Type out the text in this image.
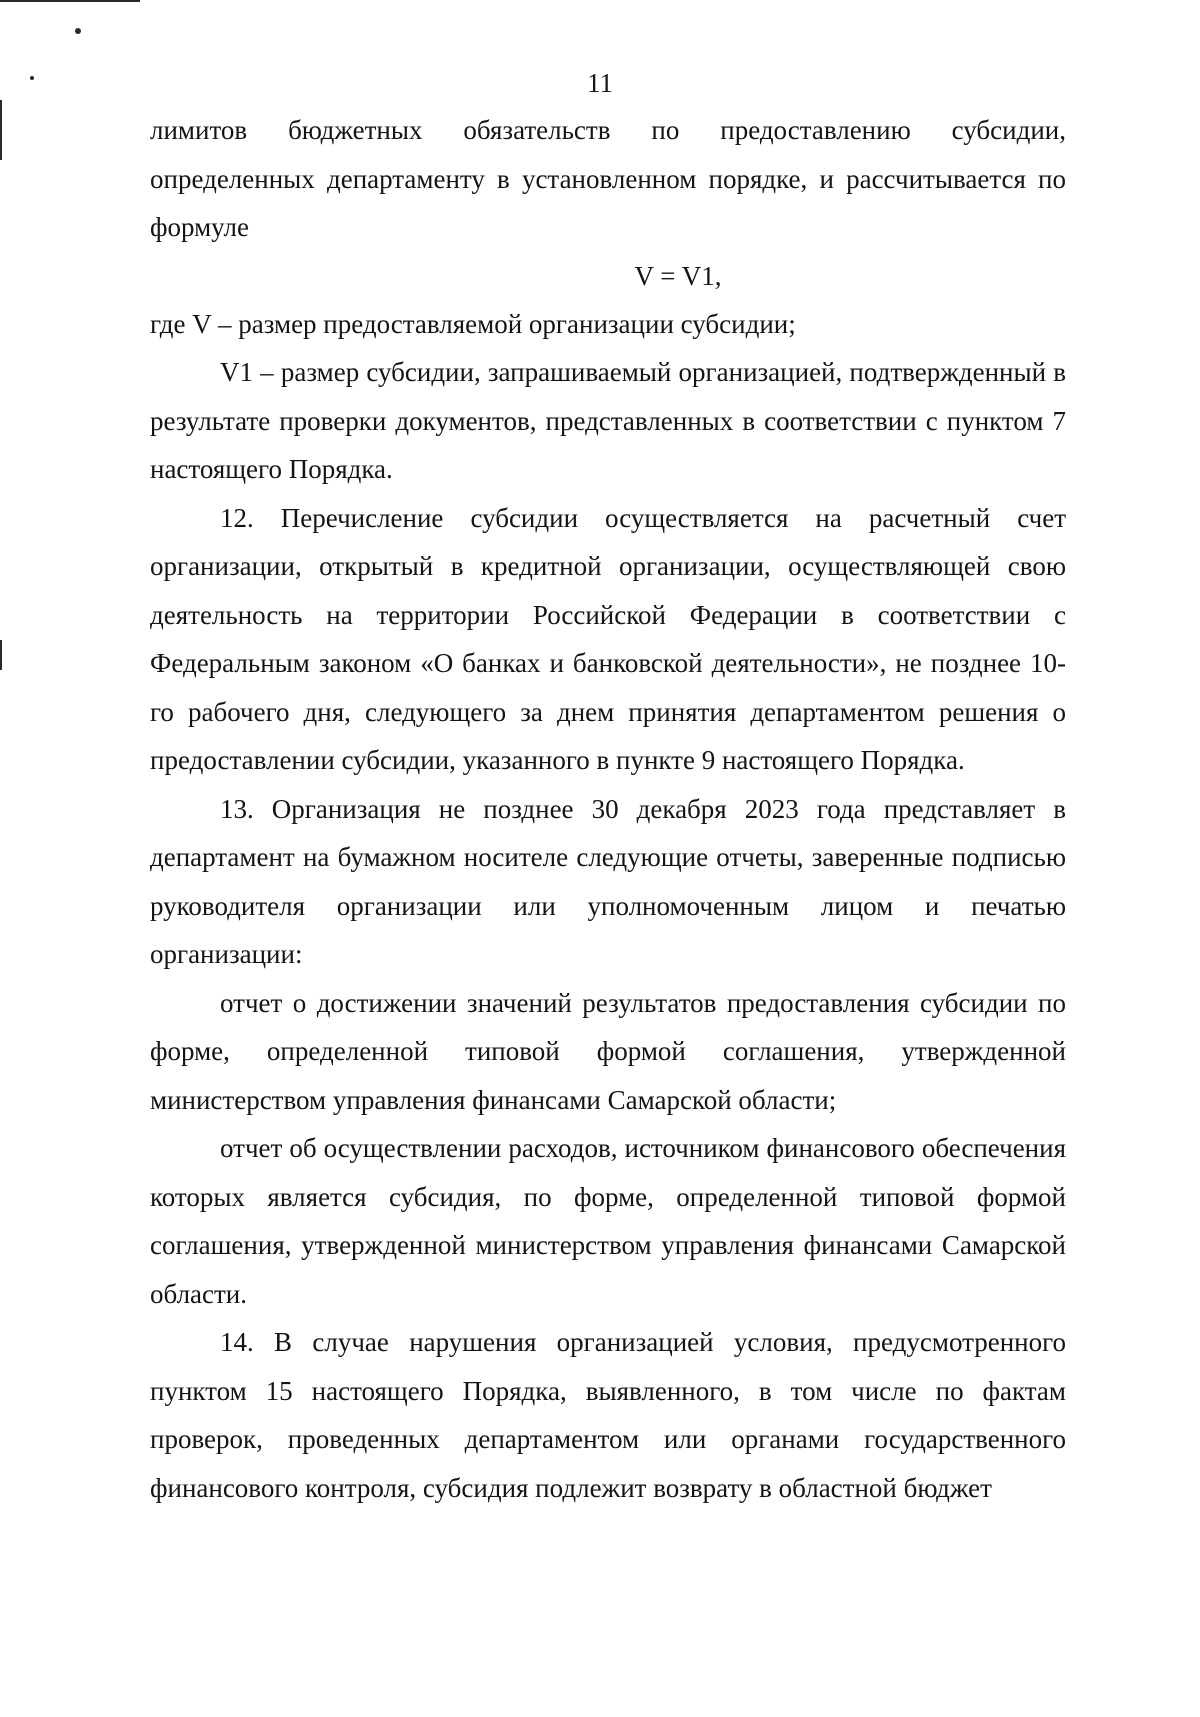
11

лимитов бюджетных обязательств по предоставлению субсидии, определенных департаменту в установленном порядке, и рассчитывается по формуле

V = V1,

где V – размер предоставляемой организации субсидии;

V1 – размер субсидии, запрашиваемый организацией, подтвержденный в результате проверки документов, представленных в соответствии с пунктом 7 настоящего Порядка.

12. Перечисление субсидии осуществляется на расчетный счет организации, открытый в кредитной организации, осуществляющей свою деятельность на территории Российской Федерации в соответствии с Федеральным законом «О банках и банковской деятельности», не позднее 10-го рабочего дня, следующего за днем принятия департаментом решения о предоставлении субсидии, указанного в пункте 9 настоящего Порядка.

13. Организация не позднее 30 декабря 2023 года представляет в департамент на бумажном носителе следующие отчеты, заверенные подписью руководителя организации или уполномоченным лицом и печатью организации:

отчет о достижении значений результатов предоставления субсидии по форме, определенной типовой формой соглашения, утвержденной министерством управления финансами Самарской области;

отчет об осуществлении расходов, источником финансового обеспечения которых является субсидия, по форме, определенной типовой формой соглашения, утвержденной министерством управления финансами Самарской области.

14. В случае нарушения организацией условия, предусмотренного пунктом 15 настоящего Порядка, выявленного, в том числе по фактам проверок, проведенных департаментом или органами государственного финансового контроля, субсидия подлежит возврату в областной бюджет
